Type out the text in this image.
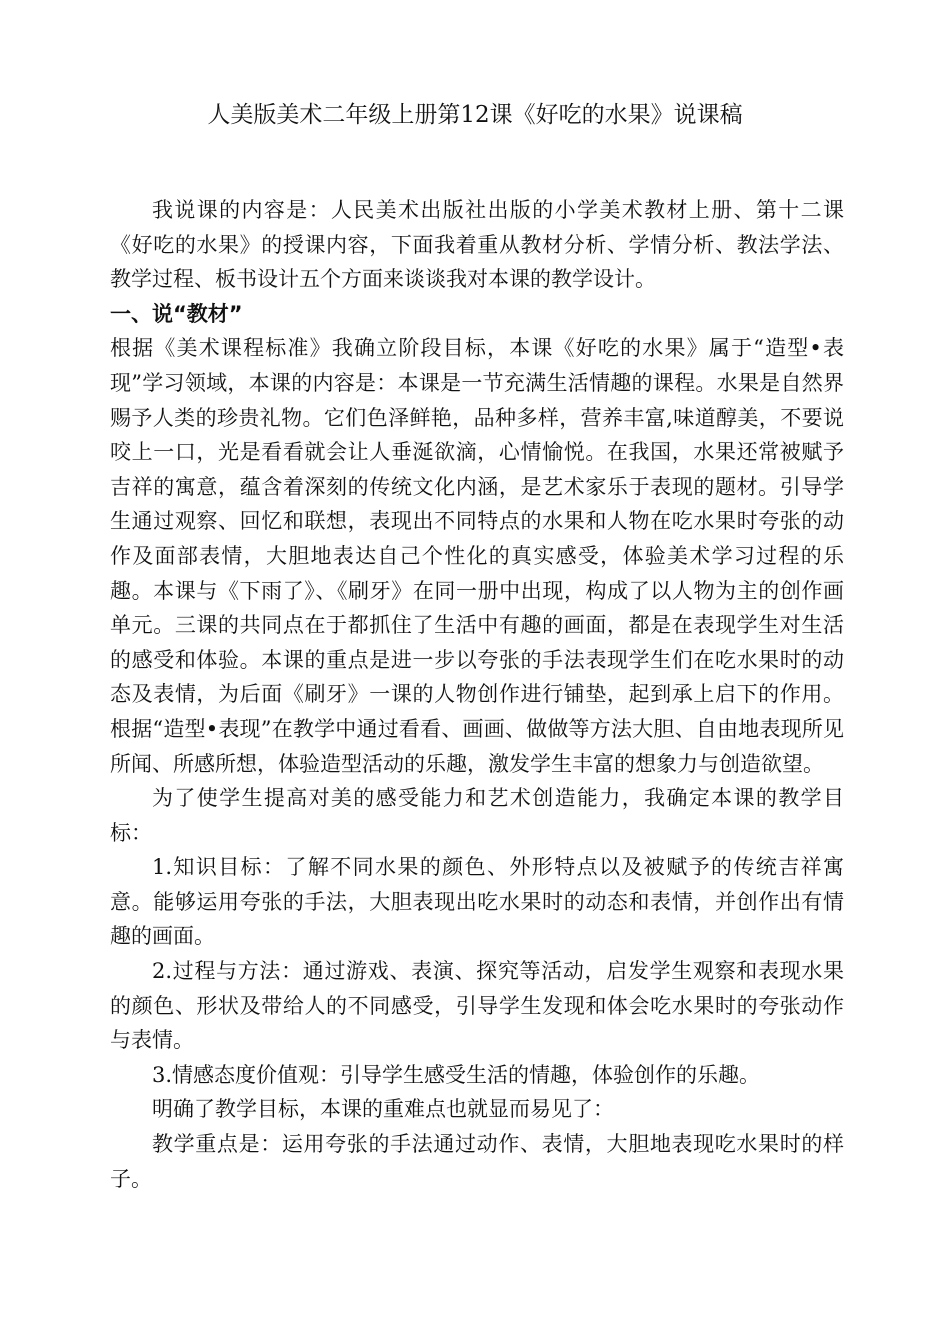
人美版美术二年级上册第12课《好吃的水果》说课稿

我说课的内容是：人民美术出版社出版的小学美术教材上册、第十二课《好吃的水果》的授课内容，下面我着重从教材分析、学情分析、教法学法、教学过程、板书设计五个方面来谈谈我对本课的教学设计。

一、说“教材”

根据《美术课程标准》我确立阶段目标，本课《好吃的水果》属于“造型•表现”学习领域，本课的内容是：本课是一节充满生活情趣的课程。水果是自然界赐予人类的珍贵礼物。它们色泽鲜艳，品种多样，营养丰富,味道醇美，不要说咬上一口，光是看看就会让人垂涎欲滴，心情愉悦。在我国，水果还常被赋予吉祥的寓意，蕴含着深刻的传统文化内涵，是艺术家乐于表现的题材。引导学生通过观察、回忆和联想，表现出不同特点的水果和人物在吃水果时夸张的动作及面部表情，大胆地表达自己个性化的真实感受，体验美术学习过程的乐趣。本课与《下雨了》、《刷牙》在同一册中出现，构成了以人物为主的创作画单元。三课的共同点在于都抓住了生活中有趣的画面，都是在表现学生对生活的感受和体验。本课的重点是进一步以夸张的手法表现学生们在吃水果时的动态及表情，为后面《刷牙》一课的人物创作进行铺垫，起到承上启下的作用。根据“造型•表现”在教学中通过看看、画画、做做等方法大胆、自由地表现所见所闻、所感所想，体验造型活动的乐趣，激发学生丰富的想象力与创造欲望。

为了使学生提高对美的感受能力和艺术创造能力，我确定本课的教学目标：

1.知识目标：了解不同水果的颜色、外形特点以及被赋予的传统吉祥寓意。能够运用夸张的手法，大胆表现出吃水果时的动态和表情，并创作出有情趣的画面。

2.过程与方法：通过游戏、表演、探究等活动，启发学生观察和表现水果的颜色、形状及带给人的不同感受，引导学生发现和体会吃水果时的夸张动作与表情。

3.情感态度价值观：引导学生感受生活的情趣，体验创作的乐趣。

明确了教学目标，本课的重难点也就显而易见了：

教学重点是：运用夸张的手法通过动作、表情，大胆地表现吃水果时的样子。
